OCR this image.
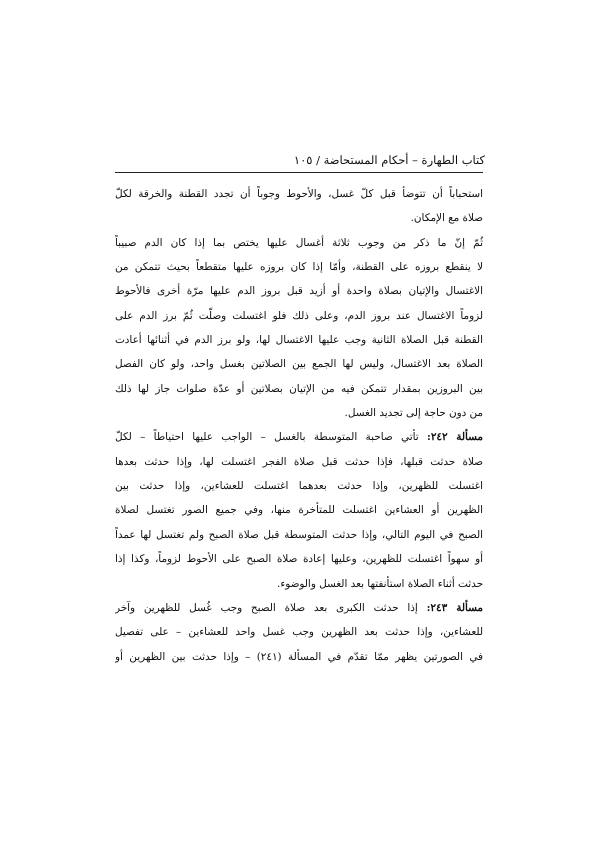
كتاب الطهارة – أحكام المستحاضة / ١٠٥
استحباباً أن تتوضأ قبل كلّ غسل، والأحوط وجوباً أن تجدد القطنة والخرقة لكلّ
صلاة مع الإمكان.
ثُمّ إنّ ما ذكر من وجوب ثلاثة أغسال عليها يختص بما إذا كان الدم صبيباً
لا ينقطع بروزه على القطنة، وأمّا إذا كان بروزه عليها متقطعاً بحيث تتمكن من
الاغتسال والإتيان بصلاة واحدة أو أزيد قبل بروز الدم عليها مرّة أخرى فالأحوط
لزوماً الاغتسال عند بروز الدم، وعلى ذلك فلو اغتسلت وصلّت ثُمّ برز الدم على
القطنة قبل الصلاة الثانية وجب عليها الاغتسال لها، ولو برز الدم في أثنائها أعادت
الصلاة بعد الاغتسال، وليس لها الجمع بين الصلاتين بغسل واحد، ولو كان الفصل
بين البروزين بمقدار تتمكن فيه من الإتيان بصلاتين أو عدّة صلوات جاز لها ذلك
من دون حاجة إلى تجديد الغسل.
مسألة ٢٤٢: تأتي صاحبة المتوسطة بالغسل – الواجب عليها احتياطاً – لكلّ
صلاة حدثت قبلها، فإذا حدثت قبل صلاة الفجر اغتسلت لها، وإذا حدثت بعدها
اغتسلت للظهرين، وإذا حدثت بعدهما اغتسلت للعشاءين، وإذا حدثت بين
الظهرين أو العشاءين اغتسلت للمتأخرة منها، وفي جميع الصور تغتسل لصلاة
الصبح في اليوم التالي، وإذا حدثت المتوسطة قبل صلاة الصبح ولم تغتسل لها عمداً
أو سهواً اغتسلت للظهرين، وعليها إعادة صلاة الصبح على الأحوط لزوماً، وكذا إذا
حدثت أثناء الصلاة استأنفتها بعد الغسل والوضوء.
مسألة ٢٤٣: إذا حدثت الكبرى بعد صلاة الصبح وجب غُسل للظهرين وآخر
للعشاءين، وإذا حدثت بعد الظهرين وجب غسل واحد للعشاءين – على تفصيل
في الصورتين يظهر ممّا تقدّم في المسألة (٢٤١) – وإذا حدثت بين الظهرين أو
